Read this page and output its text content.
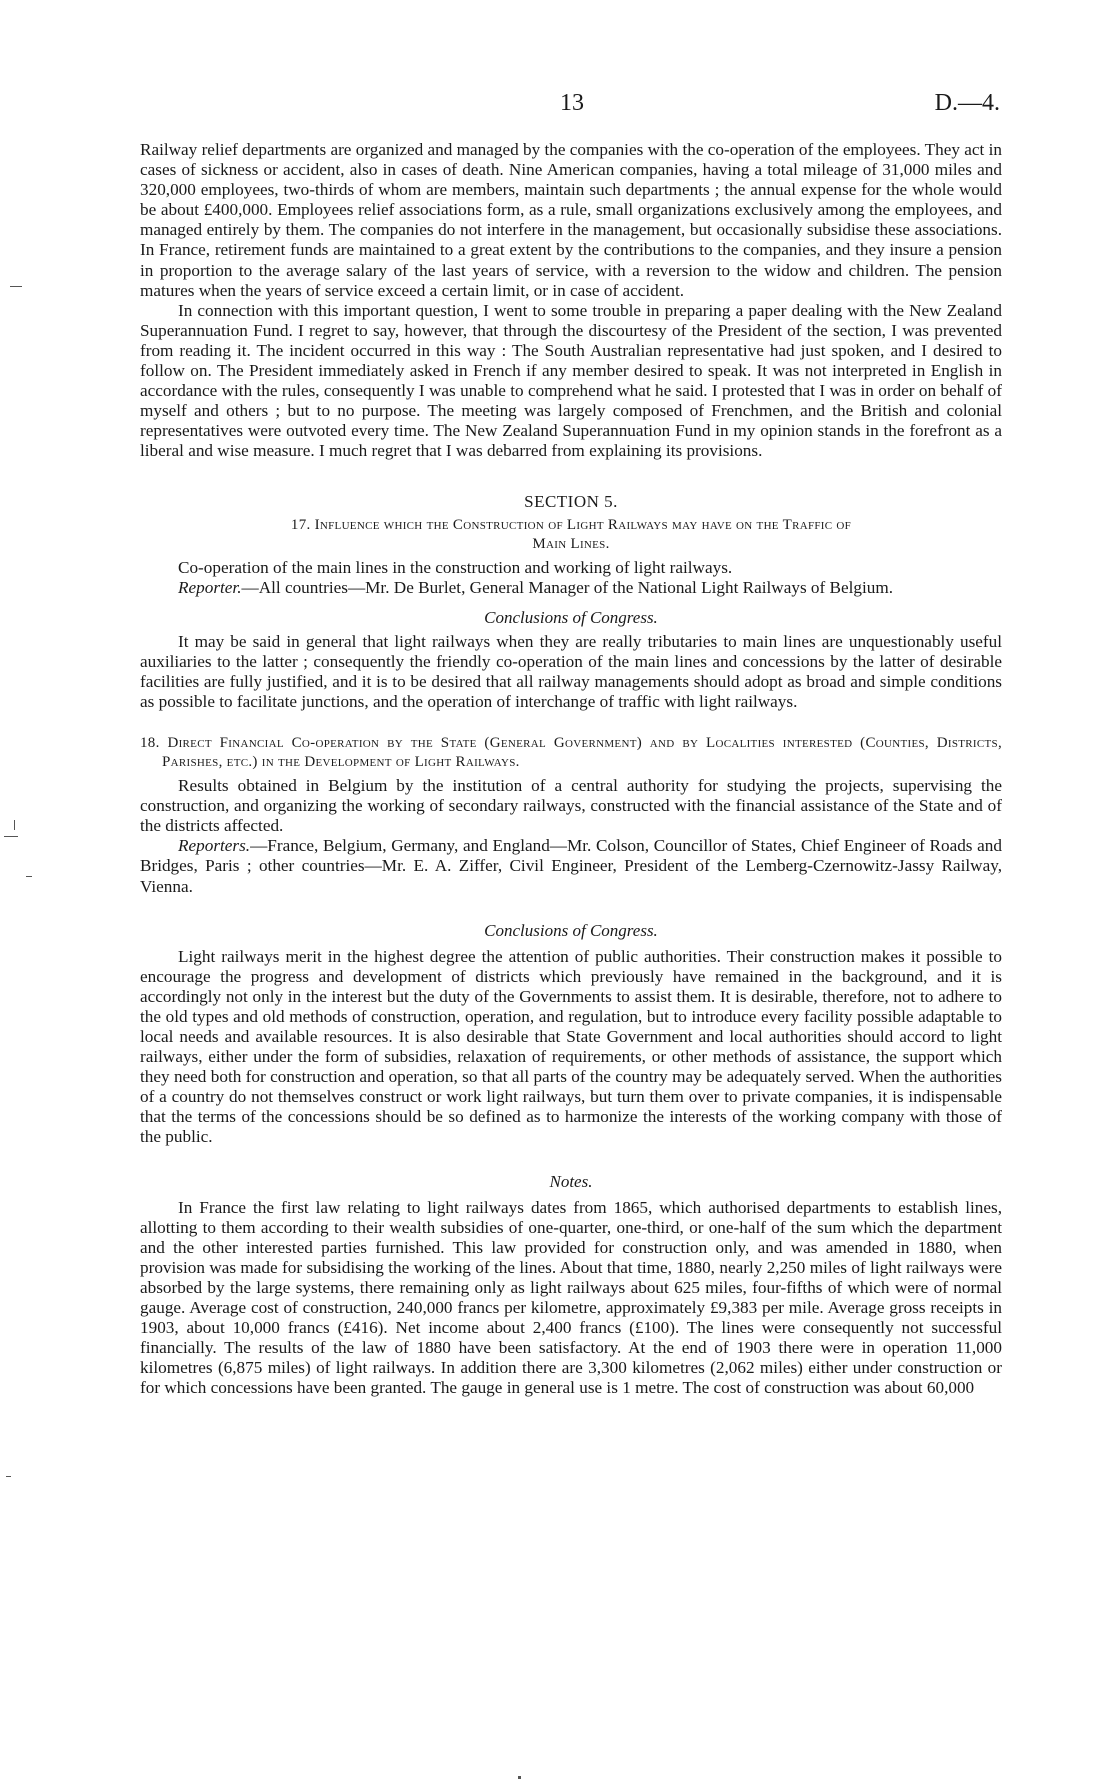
13	D.—4.

Railway relief departments are organized and managed by the companies with the co-operation of the employees. They act in cases of sickness or accident, also in cases of death. Nine American companies, having a total mileage of 31,000 miles and 320,000 employees, two-thirds of whom are members, maintain such departments ; the annual expense for the whole would be about £400,000. Employees relief associations form, as a rule, small organizations exclusively among the employees, and managed entirely by them. The companies do not interfere in the management, but occasionally subsidise these associations. In France, retirement funds are maintained to a great extent by the contributions to the companies, and they insure a pension in proportion to the average salary of the last years of service, with a reversion to the widow and children. The pension matures when the years of service exceed a certain limit, or in case of accident.

In connection with this important question, I went to some trouble in preparing a paper dealing with the New Zealand Superannuation Fund. I regret to say, however, that through the discourtesy of the President of the section, I was prevented from reading it. The incident occurred in this way : The South Australian representative had just spoken, and I desired to follow on. The President immediately asked in French if any member desired to speak. It was not interpreted in English in accordance with the rules, consequently I was unable to comprehend what he said. I protested that I was in order on behalf of myself and others ; but to no purpose. The meeting was largely composed of Frenchmen, and the British and colonial representatives were outvoted every time. The New Zealand Superannuation Fund in my opinion stands in the forefront as a liberal and wise measure. I much regret that I was debarred from explaining its provisions.

SECTION 5.
17. Influence which the Construction of Light Railways may have on the Traffic of
Main Lines.

Co-operation of the main lines in the construction and working of light railways.

Reporter.—All countries—Mr. De Burlet, General Manager of the National Light Railways of Belgium.

Conclusions of Congress.

It may be said in general that light railways when they are really tributaries to main lines are unquestionably useful auxiliaries to the latter ; consequently the friendly co-operation of the main lines and concessions by the latter of desirable facilities are fully justified, and it is to be desired that all railway managements should adopt as broad and simple conditions as possible to facilitate junctions, and the operation of interchange of traffic with light railways.

18. Direct Financial Co-operation by the State (General Government) and by Localities interested (Counties, Districts, Parishes, etc.) in the Development of Light Railways.

Results obtained in Belgium by the institution of a central authority for studying the projects, supervising the construction, and organizing the working of secondary railways, constructed with the financial assistance of the State and of the districts affected.

Reporters.—France, Belgium, Germany, and England—Mr. Colson, Councillor of States, Chief Engineer of Roads and Bridges, Paris ; other countries—Mr. E. A. Ziffer, Civil Engineer, President of the Lemberg-Czernowitz-Jassy Railway, Vienna.

Conclusions of Congress.

Light railways merit in the highest degree the attention of public authorities. Their construction makes it possible to encourage the progress and development of districts which previously have remained in the background, and it is accordingly not only in the interest but the duty of the Governments to assist them. It is desirable, therefore, not to adhere to the old types and old methods of construction, operation, and regulation, but to introduce every facility possible adaptable to local needs and available resources. It is also desirable that State Government and local authorities should accord to light railways, either under the form of subsidies, relaxation of requirements, or other methods of assistance, the support which they need both for construction and operation, so that all parts of the country may be adequately served. When the authorities of a country do not themselves construct or work light railways, but turn them over to private companies, it is indispensable that the terms of the concessions should be so defined as to harmonize the interests of the working company with those of the public.

Notes.

In France the first law relating to light railways dates from 1865, which authorised departments to establish lines, allotting to them according to their wealth subsidies of one-quarter, one-third, or one-half of the sum which the department and the other interested parties furnished. This law provided for construction only, and was amended in 1880, when provision was made for subsidising the working of the lines. About that time, 1880, nearly 2,250 miles of light railways were absorbed by the large systems, there remaining only as light railways about 625 miles, four-fifths of which were of normal gauge. Average cost of construction, 240,000 francs per kilometre, approximately £9,383 per mile. Average gross receipts in 1903, about 10,000 francs (£416). Net income about 2,400 francs (£100). The lines were consequently not successful financially. The results of the law of 1880 have been satisfactory. At the end of 1903 there were in operation 11,000 kilometres (6,875 miles) of light railways. In addition there are 3,300 kilometres (2,062 miles) either under construction or for which concessions have been granted. The gauge in general use is 1 metre. The cost of construction was about 60,000
